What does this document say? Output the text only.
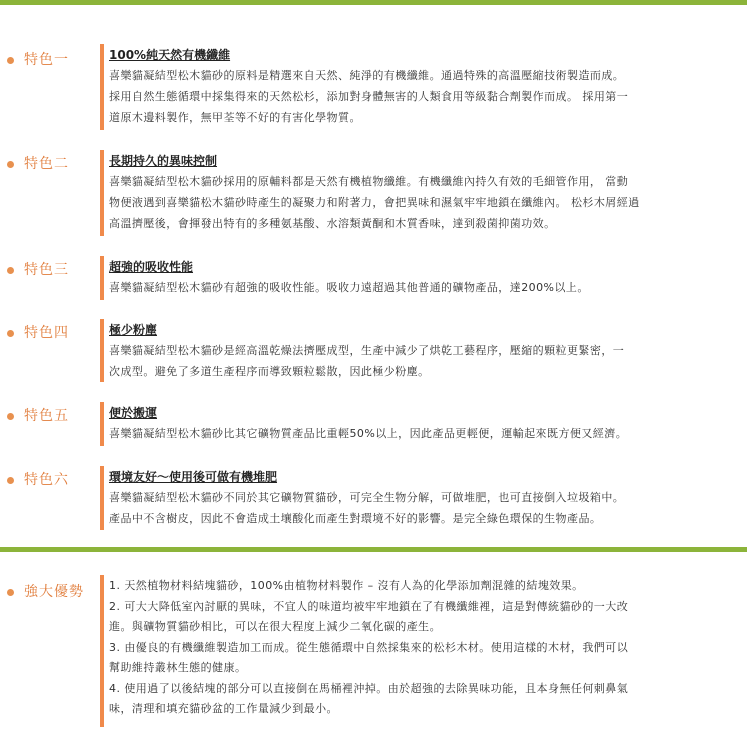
特色一	100%純天然有機纖維
喜樂貓凝結型松木貓砂的原料是精選來自天然、純淨的有機纖維。通過特殊的高溫壓縮技術製造而成。
採用自然生態循環中採集得來的天然松杉，添加對身體無害的人類食用等級黏合劑製作而成。 採用第一
道原木邊料製作，無甲荃等不好的有害化學物質。
特色二	長期持久的異味控制
喜樂貓凝結型松木貓砂採用的原輔料都是天然有機植物纖維。有機纖維內持久有效的毛細管作用， 當動
物便液遇到喜樂貓松木貓砂時產生的凝聚力和附著力，會把異味和濕氣牢牢地鎖在纖維內。 松杉木屑經過
高溫擠壓後，會揮發出特有的多種氨基酸、水溶類黃酮和木質香味，達到殺菌抑菌功效。
特色三	超強的吸收性能
喜樂貓凝結型松木貓砂有超強的吸收性能。吸收力遠超過其他普通的礦物產品，達200%以上。
特色四	極少粉塵
喜樂貓凝結型松木貓砂是經高溫乾燥法擠壓成型，生產中減少了烘乾工藝程序，壓縮的顆粒更緊密，一
次成型。避免了多道生產程序而導致顆粒鬆散，因此極少粉塵。
特色五	便於搬運
喜樂貓凝結型松木貓砂比其它礦物質產品比重輕50%以上，因此產品更輕便，運輸起來既方便又經濟。
特色六	環境友好～使用後可做有機堆肥
喜樂貓凝結型松木貓砂不同於其它礦物質貓砂，可完全生物分解，可做堆肥，也可直接倒入垃圾箱中。
產品中不含樹皮，因此不會造成土壤酸化而產生對環境不好的影響。是完全綠色環保的生物產品。
強大優勢 1. 天然植物材料結塊貓砂，100%由植物材料製作 – 沒有人為的化學添加劑混雜的結塊效果。
2. 可大大降低室內討厭的異味，不宜人的味道均被牢牢地鎖在了有機纖維裡，這是對傳統貓砂的一大改
進。與礦物質貓砂相比，可以在很大程度上減少二氧化碳的產生。
3. 由優良的有機纖維製造加工而成。從生態循環中自然採集來的松杉木材。使用這樣的木材，我們可以
幫助維持叢林生態的健康。
4. 使用過了以後結塊的部分可以直接倒在馬桶裡沖掉。由於超強的去除異味功能，且本身無任何刺鼻氣
味，清理和填充貓砂盆的工作量減少到最小。
